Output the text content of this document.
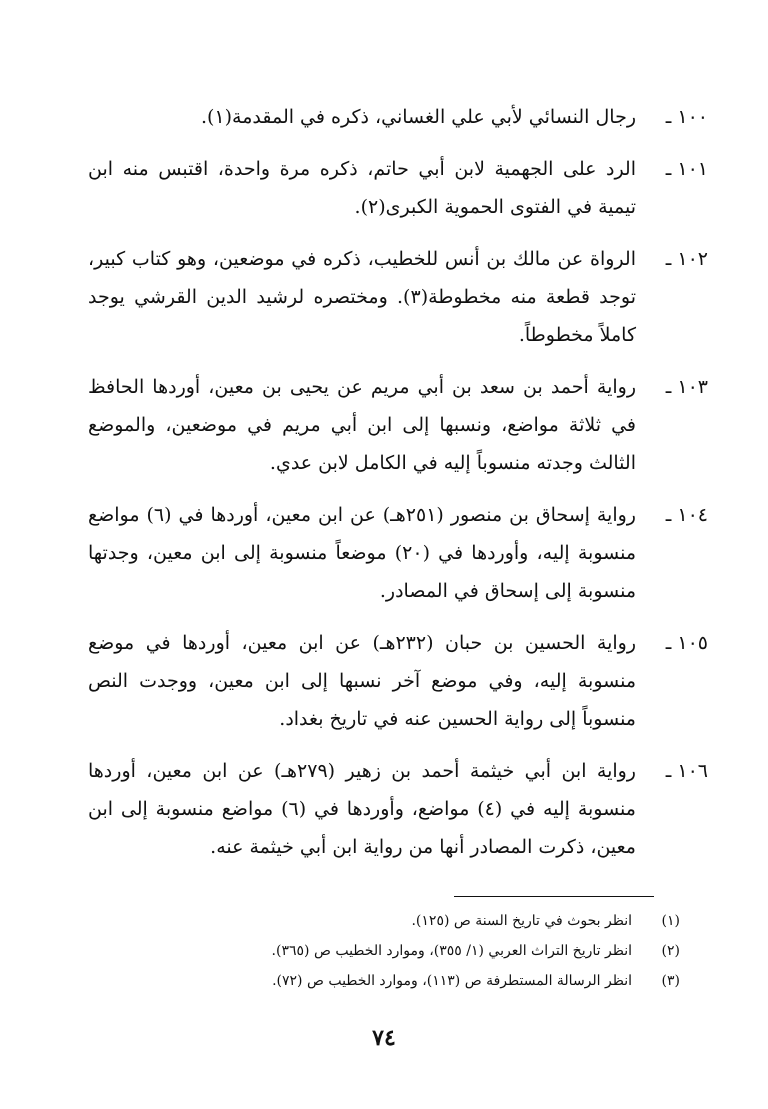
١٠٠ ـ
رجال النسائي لأبي علي الغساني، ذكره في المقدمة(١).
١٠١ ـ
الرد على الجهمية لابن أبي حاتم، ذكره مرة واحدة، اقتبس منه ابن تيمية في الفتوى الحموية الكبرى(٢).
١٠٢ ـ
الرواة عن مالك بن أنس للخطيب، ذكره في موضعين، وهو كتاب كبير، توجد قطعة منه مخطوطة(٣). ومختصره لرشيد الدين القرشي يوجد كاملاً مخطوطاً.
١٠٣ ـ
رواية أحمد بن سعد بن أبي مريم عن يحيى بن معين، أوردها الحافظ في ثلاثة مواضع، ونسبها إلى ابن أبي مريم في موضعين، والموضع الثالث وجدته منسوباً إليه في الكامل لابن عدي.
١٠٤ ـ
رواية إسحاق بن منصور (٢٥١هـ) عن ابن معين، أوردها في (٦) مواضع منسوبة إليه، وأوردها في (٢٠) موضعاً منسوبة إلى ابن معين، وجدتها منسوبة إلى إسحاق في المصادر.
١٠٥ ـ
رواية الحسين بن حبان (٢٣٢هـ) عن ابن معين، أوردها في موضع منسوبة إليه، وفي موضع آخر نسبها إلى ابن معين، ووجدت النص منسوباً إلى رواية الحسين عنه في تاريخ بغداد.
١٠٦ ـ
رواية ابن أبي خيثمة أحمد بن زهير (٢٧٩هـ) عن ابن معين، أوردها منسوبة إليه في (٤) مواضع، وأوردها في (٦) مواضع منسوبة إلى ابن معين، ذكرت المصادر أنها من رواية ابن أبي خيثمة عنه.
(١)
انظر بحوث في تاريخ السنة ص (١٢٥).
(٢)
انظر تاريخ التراث العربي (١/ ٣٥٥)، وموارد الخطيب ص (٣٦٥).
(٣)
انظر الرسالة المستطرفة ص (١١٣)، وموارد الخطيب ص (٧٢).
٧٤
